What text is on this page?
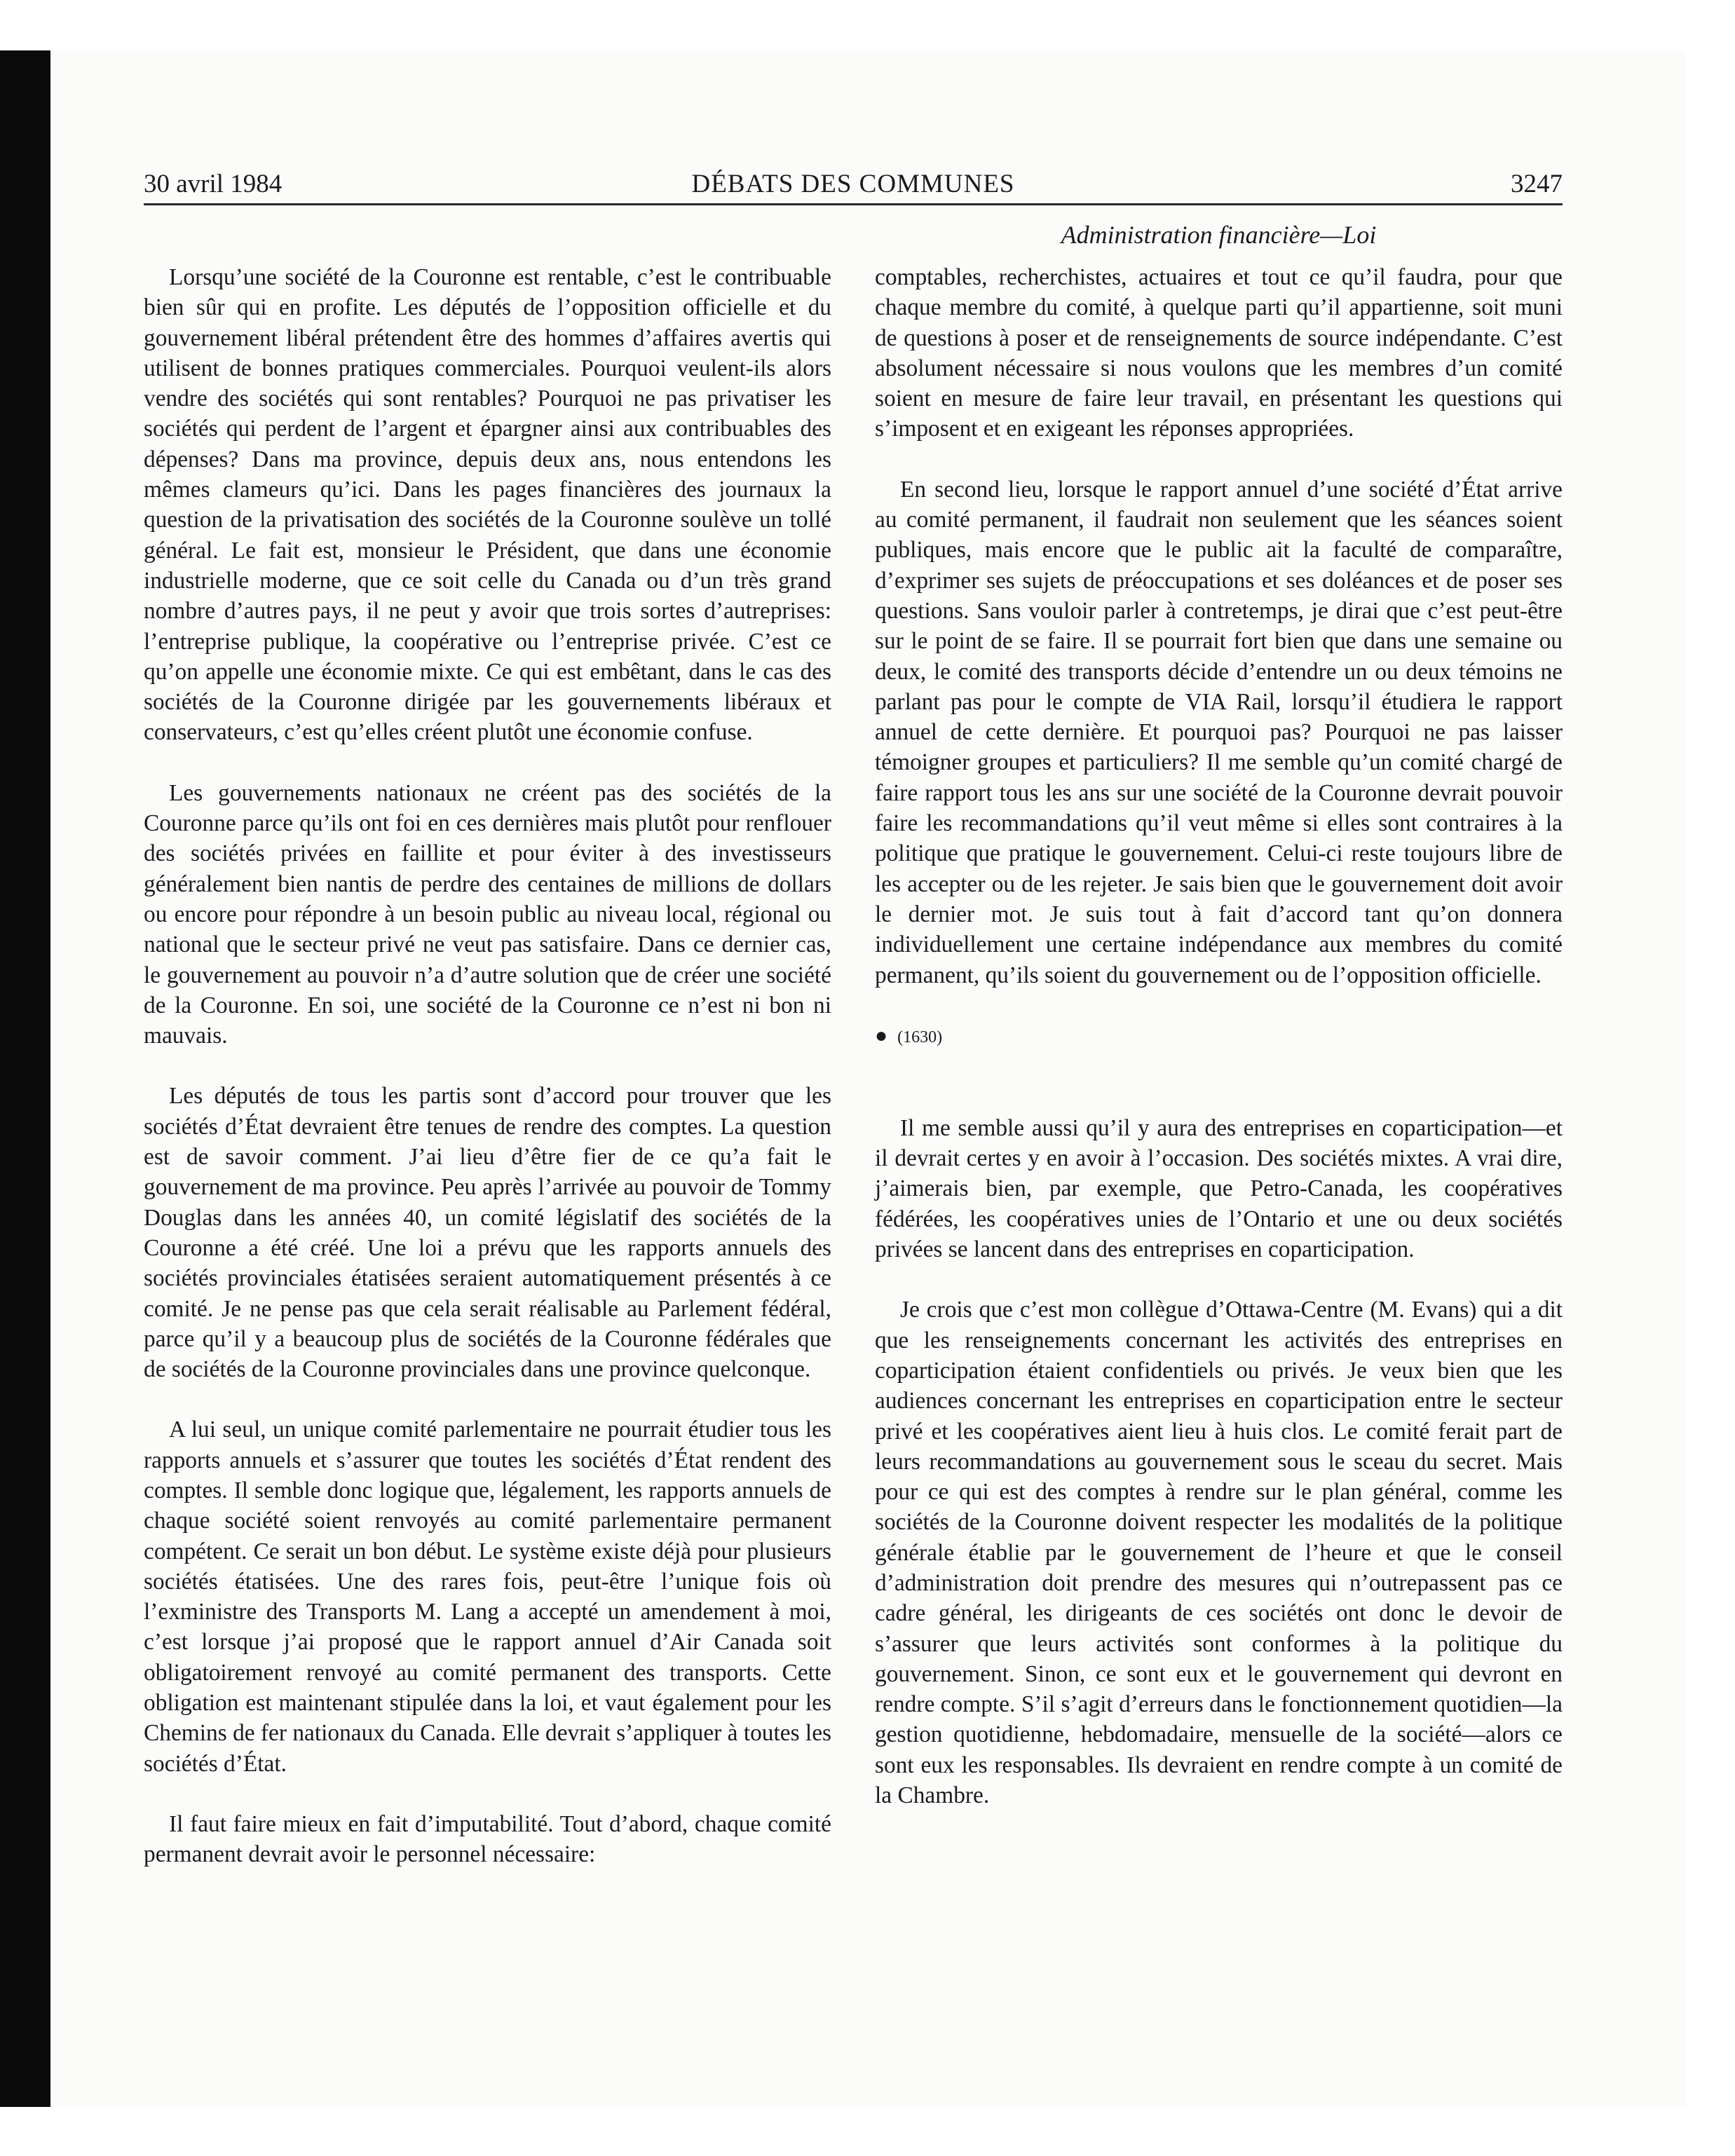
30 avril 1984	DÉBATS DES COMMUNES	3247
Administration financière—Loi

Lorsqu’une société de la Couronne est rentable, c’est le contribuable bien sûr qui en profite. Les députés de l’opposition officielle et du gouvernement libéral prétendent être des hommes d’affaires avertis qui utilisent de bonnes pratiques commerciales. Pourquoi veulent-ils alors vendre des sociétés qui sont rentables? Pourquoi ne pas privatiser les sociétés qui perdent de l’argent et épargner ainsi aux contribuables des dépenses? Dans ma province, depuis deux ans, nous entendons les mêmes clameurs qu’ici. Dans les pages financières des journaux la question de la privatisation des sociétés de la Couronne soulève un tollé général. Le fait est, monsieur le Président, que dans une économie industrielle moderne, que ce soit celle du Canada ou d’un très grand nombre d’autres pays, il ne peut y avoir que trois sortes d’autreprises: l’entreprise publique, la coopérative ou l’entreprise privée. C’est ce qu’on appelle une économie mixte. Ce qui est embêtant, dans le cas des sociétés de la Couronne dirigée par les gouvernements libéraux et conservateurs, c’est qu’elles créent plutôt une économie confuse.

Les gouvernements nationaux ne créent pas des sociétés de la Couronne parce qu’ils ont foi en ces dernières mais plutôt pour renflouer des sociétés privées en faillite et pour éviter à des investisseurs généralement bien nantis de perdre des centaines de millions de dollars ou encore pour répondre à un besoin public au niveau local, régional ou national que le secteur privé ne veut pas satisfaire. Dans ce dernier cas, le gouvernement au pouvoir n’a d’autre solution que de créer une société de la Couronne. En soi, une société de la Couronne ce n’est ni bon ni mauvais.

Les députés de tous les partis sont d’accord pour trouver que les sociétés d’État devraient être tenues de rendre des comptes. La question est de savoir comment. J’ai lieu d’être fier de ce qu’a fait le gouvernement de ma province. Peu après l’arrivée au pouvoir de Tommy Douglas dans les années 40, un comité législatif des sociétés de la Couronne a été créé. Une loi a prévu que les rapports annuels des sociétés provinciales étatisées seraient automatiquement présentés à ce comité. Je ne pense pas que cela serait réalisable au Parlement fédéral, parce qu’il y a beaucoup plus de sociétés de la Couronne fédérales que de sociétés de la Couronne provinciales dans une province quelconque.

A lui seul, un unique comité parlementaire ne pourrait étudier tous les rapports annuels et s’assurer que toutes les sociétés d’État rendent des comptes. Il semble donc logique que, légalement, les rapports annuels de chaque société soient renvoyés au comité parlementaire permanent compétent. Ce serait un bon début. Le système existe déjà pour plusieurs sociétés étatisées. Une des rares fois, peut-être l’unique fois où l’exministre des Transports M. Lang a accepté un amendement à moi, c’est lorsque j’ai proposé que le rapport annuel d’Air Canada soit obligatoirement renvoyé au comité permanent des transports. Cette obligation est maintenant stipulée dans la loi, et vaut également pour les Chemins de fer nationaux du Canada. Elle devrait s’appliquer à toutes les sociétés d’État.

Il faut faire mieux en fait d’imputabilité. Tout d’abord, chaque comité permanent devrait avoir le personnel nécessaire:

comptables, recherchistes, actuaires et tout ce qu’il faudra, pour que chaque membre du comité, à quelque parti qu’il appartienne, soit muni de questions à poser et de renseignements de source indépendante. C’est absolument nécessaire si nous voulons que les membres d’un comité soient en mesure de faire leur travail, en présentant les questions qui s’imposent et en exigeant les réponses appropriées.

En second lieu, lorsque le rapport annuel d’une société d’État arrive au comité permanent, il faudrait non seulement que les séances soient publiques, mais encore que le public ait la faculté de comparaître, d’exprimer ses sujets de préoccupations et ses doléances et de poser ses questions. Sans vouloir parler à contretemps, je dirai que c’est peut-être sur le point de se faire. Il se pourrait fort bien que dans une semaine ou deux, le comité des transports décide d’entendre un ou deux témoins ne parlant pas pour le compte de VIA Rail, lorsqu’il étudiera le rapport annuel de cette dernière. Et pourquoi pas? Pourquoi ne pas laisser témoigner groupes et particuliers? Il me semble qu’un comité chargé de faire rapport tous les ans sur une société de la Couronne devrait pouvoir faire les recommandations qu’il veut même si elles sont contraires à la politique que pratique le gouvernement. Celui-ci reste toujours libre de les accepter ou de les rejeter. Je sais bien que le gouvernement doit avoir le dernier mot. Je suis tout à fait d’accord tant qu’on donnera individuellement une certaine indépendance aux membres du comité permanent, qu’ils soient du gouvernement ou de l’opposition officielle.

● (1630)

Il me semble aussi qu’il y aura des entreprises en coparticipation—et il devrait certes y en avoir à l’occasion. Des sociétés mixtes. A vrai dire, j’aimerais bien, par exemple, que Petro-Canada, les coopératives fédérées, les coopératives unies de l’Ontario et une ou deux sociétés privées se lancent dans des entreprises en coparticipation.

Je crois que c’est mon collègue d’Ottawa-Centre (M. Evans) qui a dit que les renseignements concernant les activités des entreprises en coparticipation étaient confidentiels ou privés. Je veux bien que les audiences concernant les entreprises en coparticipation entre le secteur privé et les coopératives aient lieu à huis clos. Le comité ferait part de leurs recommandations au gouvernement sous le sceau du secret. Mais pour ce qui est des comptes à rendre sur le plan général, comme les sociétés de la Couronne doivent respecter les modalités de la politique générale établie par le gouvernement de l’heure et que le conseil d’administration doit prendre des mesures qui n’outrepassent pas ce cadre général, les dirigeants de ces sociétés ont donc le devoir de s’assurer que leurs activités sont conformes à la politique du gouvernement. Sinon, ce sont eux et le gouvernement qui devront en rendre compte. S’il s’agit d’erreurs dans le fonctionnement quotidien—la gestion quotidienne, hebdomadaire, mensuelle de la société—alors ce sont eux les responsables. Ils devraient en rendre compte à un comité de la Chambre.
